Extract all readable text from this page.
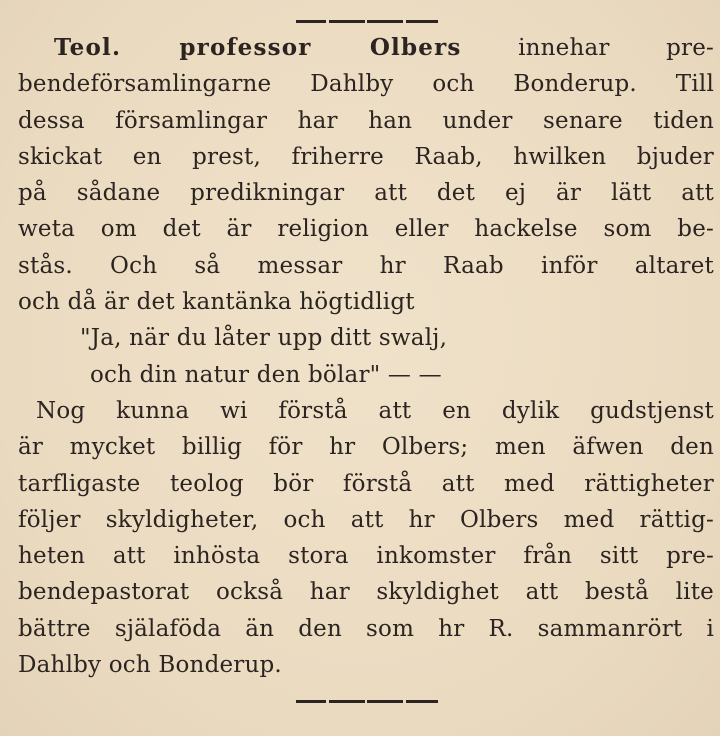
Teol. professor Olbers innehar pre-
bendeförsamlingarne Dahlby och Bonderup. Till
dessa församlingar har han under senare tiden
skickat en prest, friherre Raab, hwilken bjuder
på sådane predikningar att det ej är lätt att
weta om det är religion eller hackelse som be-
stås. Och så messar hr Raab inför altaret
och då är det kantänka högtidligt
"Ja, när du låter upp ditt swalj,
och din natur den bölar" — —
Nog kunna wi förstå att en dylik gudstjenst
är mycket billig för hr Olbers; men äfwen den
tarfligaste teolog bör förstå att med rättigheter
följer skyldigheter, och att hr Olbers med rättig-
heten att inhösta stora inkomster från sitt pre-
bendepastorat också har skyldighet att bestå lite
bättre själaföda än den som hr R. sammanrört i
Dahlby och Bonderup.
